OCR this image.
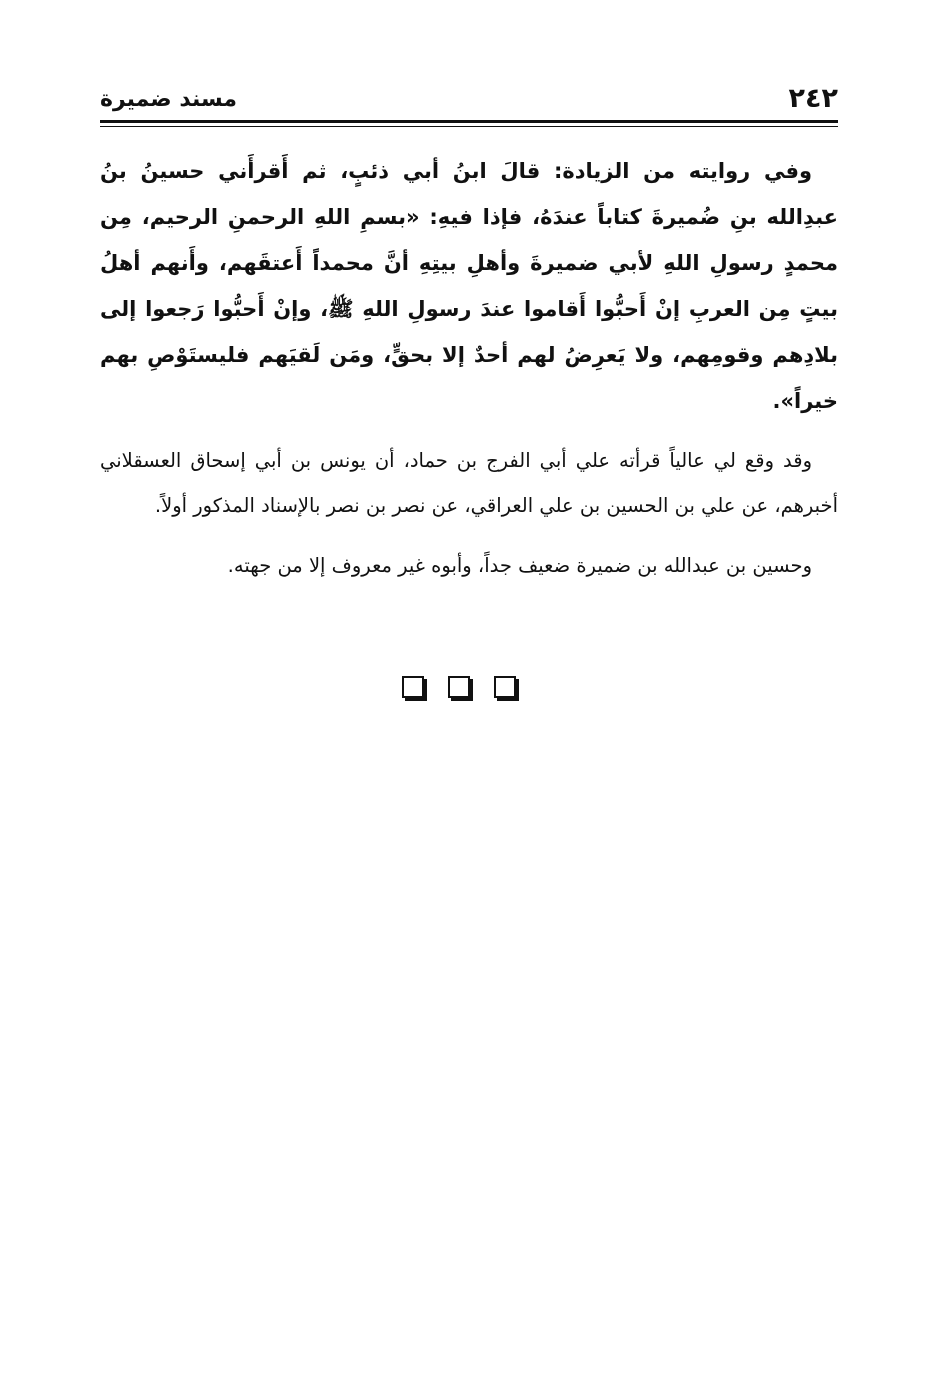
٢٤٢
مسند ضميرة

وفي روايته من الزيادة: قالَ ابنُ أبي ذئبٍ، ثم أَقرأَني حسينُ بنُ عبدِالله بنِ ضُميرةَ كتاباً عندَهُ، فإذا فيهِ: «بسمِ اللهِ الرحمنِ الرحيم، مِن محمدٍ رسولِ اللهِ لأبي ضميرةَ وأهلِ بيتِهِ أنَّ محمداً أَعتقَهم، وأَنهم أهلُ بيتٍ مِن العربِ إنْ أَحبُّوا أَقاموا عندَ رسولِ اللهِ ﷺ، وإنْ أَحبُّوا رَجعوا إلى بلادِهم وقومِهم، ولا يَعرِضُ لهم أحدٌ إلا بحقٍّ، ومَن لَقيَهم فليستَوْصِ بهم خيراً».

وقد وقع لي عالياً قرأته علي أبي الفرج بن حماد، أن يونس بن أبي إسحاق العسقلاني أخبرهم، عن علي بن الحسين بن علي العراقي، عن نصر بن نصر بالإسناد المذكور أولاً.

وحسين بن عبدالله بن ضميرة ضعيف جداً، وأبوه غير معروف إلا من جهته.
